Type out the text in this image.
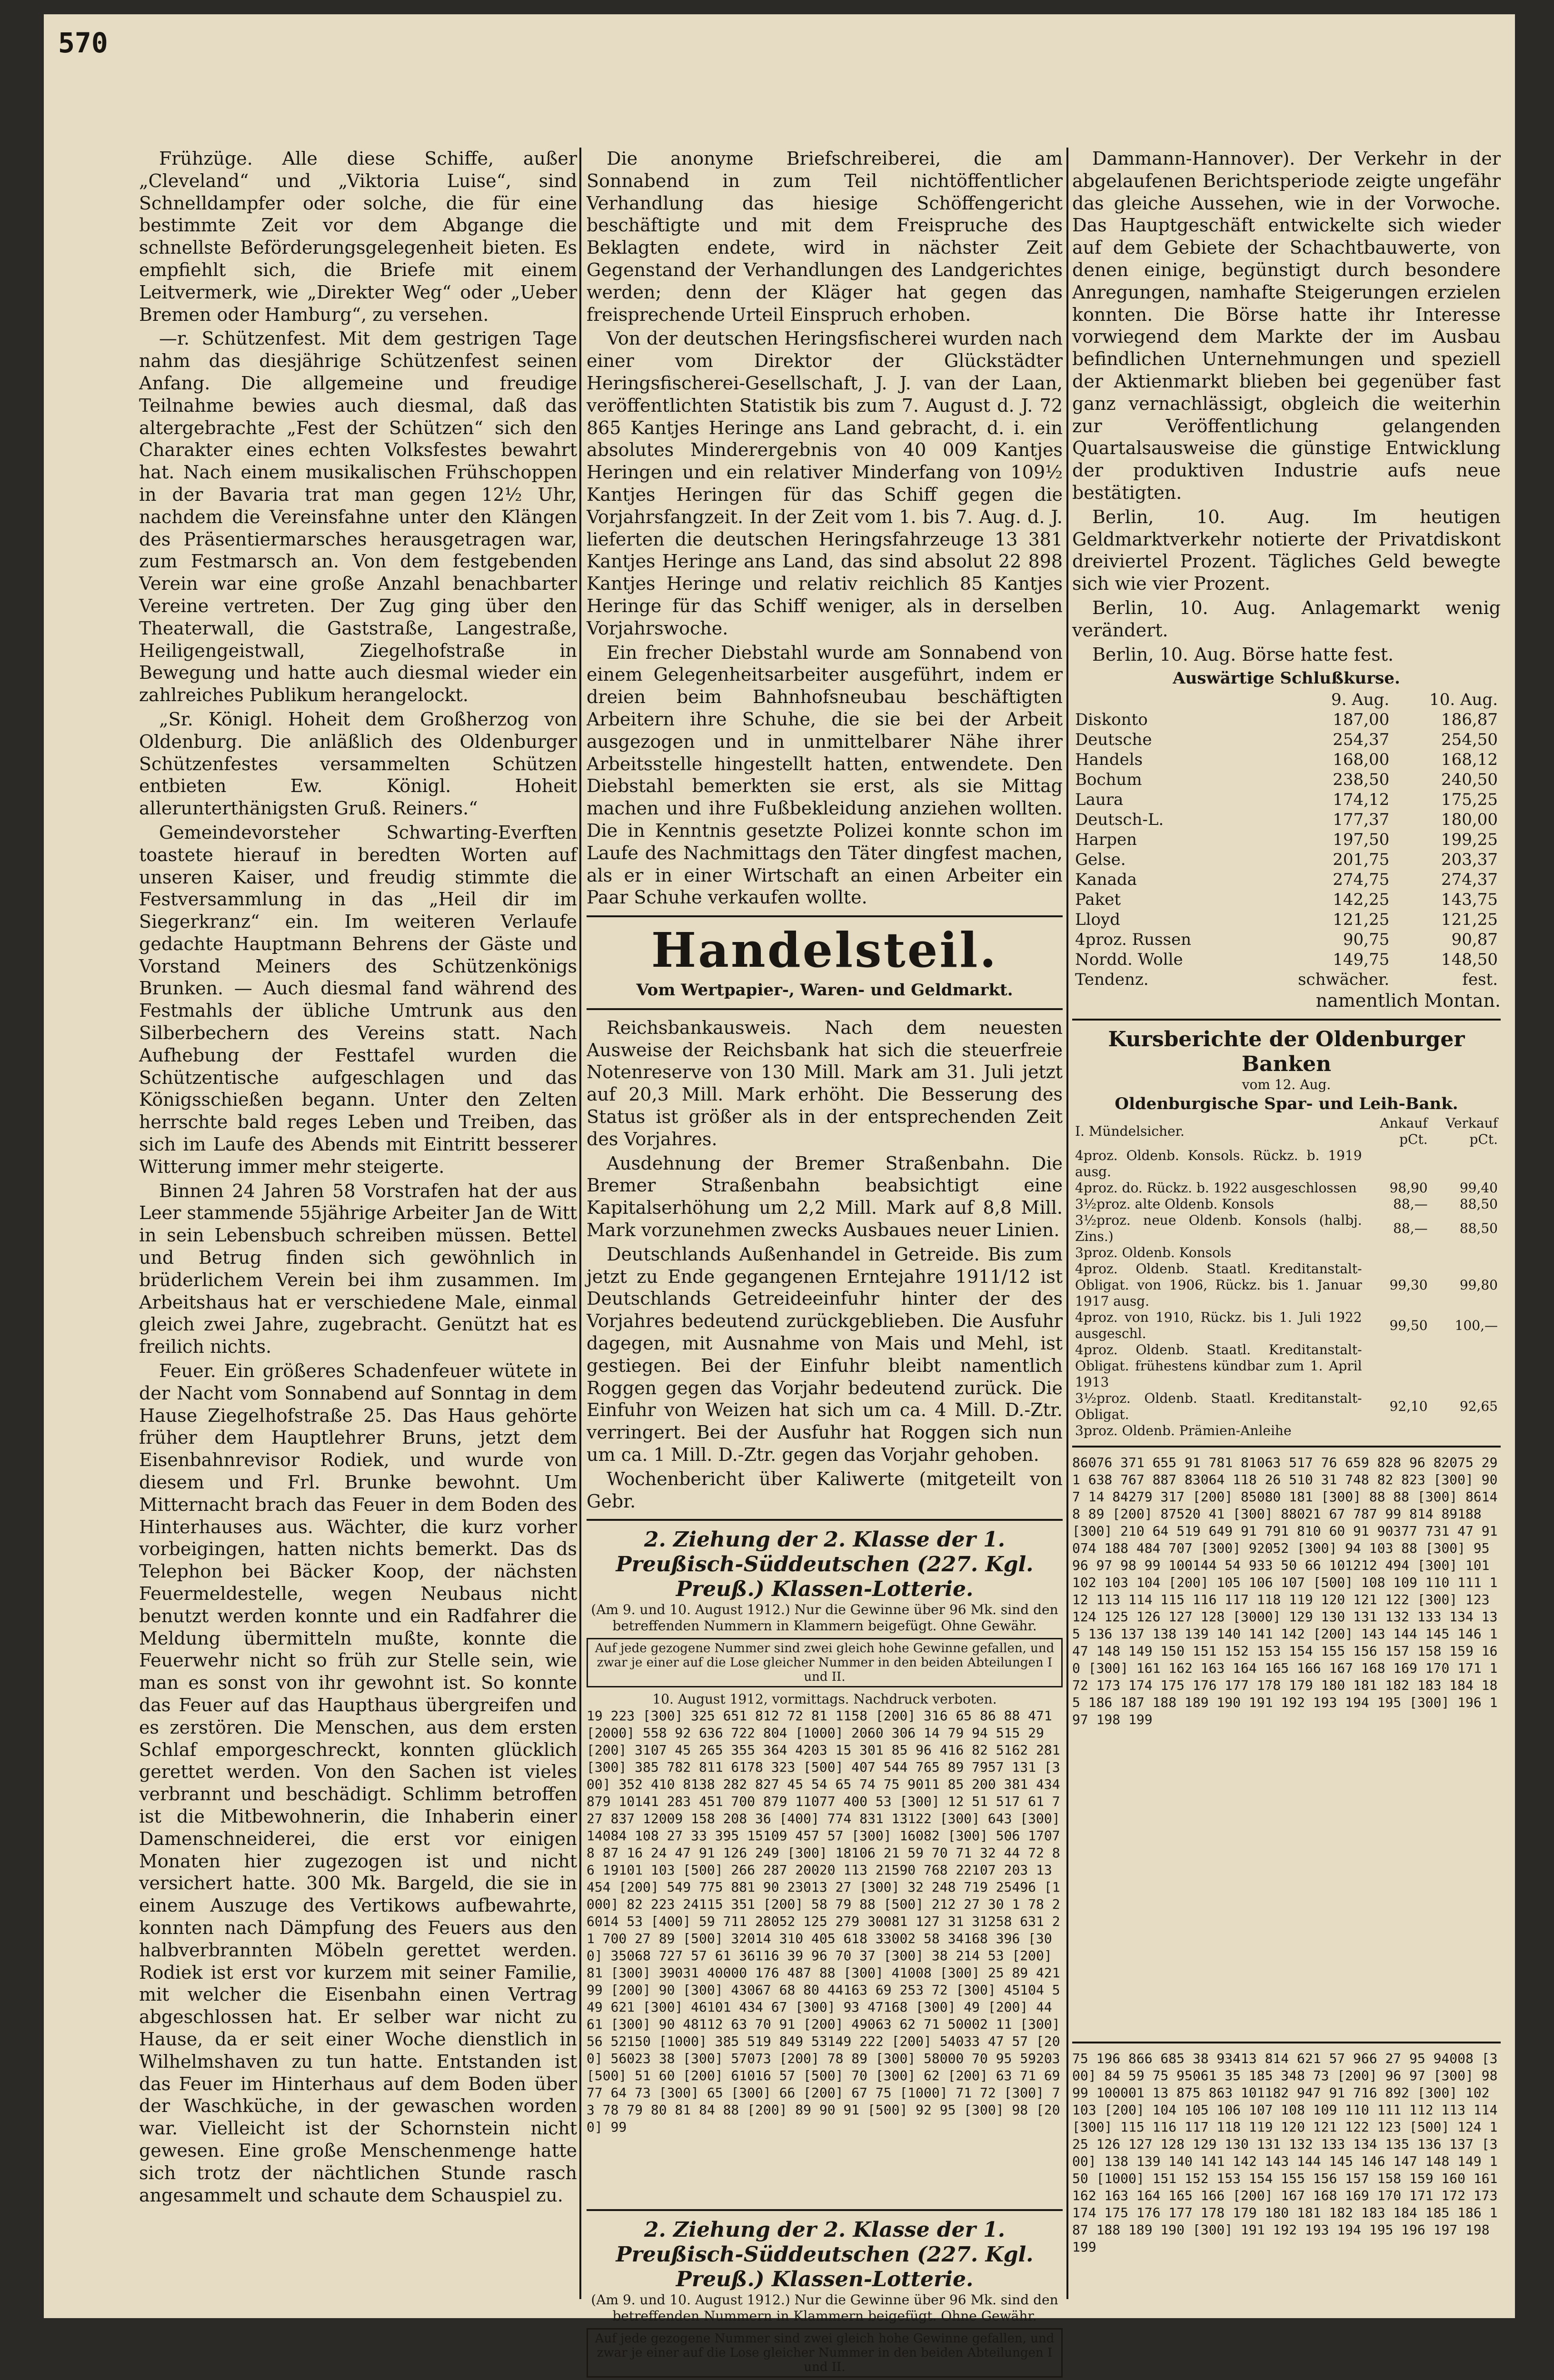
570

Frühzüge. Alle diese Schiffe, außer „Cleveland“ und „Viktoria Luise“, sind Schnelldampfer oder solche, die für eine bestimmte Zeit vor dem Abgange die schnellste Beförderungsgelegenheit bieten. Es empfiehlt sich, die Briefe mit einem Leitvermerk, wie „Direkter Weg“ oder „Ueber Bremen oder Hamburg“, zu versehen.

—r. Schützenfest. Mit dem gestrigen Tage nahm das diesjährige Schützenfest seinen Anfang. Die allgemeine und freudige Teilnahme bewies auch diesmal, daß das altergebrachte „Fest der Schützen“ sich den Charakter eines echten Volksfestes bewahrt hat. Nach einem musikalischen Frühschoppen in der Bavaria trat man gegen 12½ Uhr, nachdem die Vereinsfahne unter den Klängen des Präsentiermarsches herausgetragen war, zum Festmarsch an. Von dem festgebenden Verein war eine große Anzahl benachbarter Vereine vertreten. Der Zug ging über den Theaterwall, die Gaststraße, Langestraße, Heiligengeistwall, Ziegelhofstraße in Bewegung und hatte auch diesmal wieder ein zahlreiches Publikum herangelockt.

„Sr. Königl. Hoheit dem Großherzog von Oldenburg. Die anläßlich des Oldenburger Schützenfestes versammelten Schützen entbieten Ew. Königl. Hoheit allerunterthänigsten Gruß. Reiners.“

Gemeindevorsteher Schwarting-Everften toastete hierauf in beredten Worten auf unseren Kaiser, und freudig stimmte die Festversammlung in das „Heil dir im Siegerkranz“ ein. Im weiteren Verlaufe gedachte Hauptmann Behrens der Gäste und Vorstand Meiners des Schützenkönigs Brunken. — Auch diesmal fand während des Festmahls der übliche Umtrunk aus den Silberbechern des Vereins statt. Nach Aufhebung der Festtafel wurden die Schützentische aufgeschlagen und das Königsschießen begann. Unter den Zelten herrschte bald reges Leben und Treiben, das sich im Laufe des Abends mit Eintritt besserer Witterung immer mehr steigerte.

Binnen 24 Jahren 58 Vorstrafen hat der aus Leer stammende 55jährige Arbeiter Jan de Witt in sein Lebensbuch schreiben müssen. Bettel und Betrug finden sich gewöhnlich in brüderlichem Verein bei ihm zusammen. Im Arbeitshaus hat er verschiedene Male, einmal gleich zwei Jahre, zugebracht. Genützt hat es freilich nichts.

Feuer. Ein größeres Schadenfeuer wütete in der Nacht vom Sonnabend auf Sonntag in dem Hause Ziegelhofstraße 25. Das Haus gehörte früher dem Hauptlehrer Bruns, jetzt dem Eisenbahnrevisor Rodiek, und wurde von diesem und Frl. Brunke bewohnt. Um Mitternacht brach das Feuer in dem Boden des Hinterhauses aus. Wächter, die kurz vorher vorbeigingen, hatten nichts bemerkt. Das ds Telephon bei Bäcker Koop, der nächsten Feuermeldestelle, wegen Neubaus nicht benutzt werden konnte und ein Radfahrer die Meldung übermitteln mußte, konnte die Feuerwehr nicht so früh zur Stelle sein, wie man es sonst von ihr gewohnt ist. So konnte das Feuer auf das Haupthaus übergreifen und es zerstören. Die Menschen, aus dem ersten Schlaf emporgeschreckt, konnten glücklich gerettet werden. Von den Sachen ist vieles verbrannt und beschädigt. Schlimm betroffen ist die Mitbewohnerin, die Inhaberin einer Damenschneiderei, die erst vor einigen Monaten hier zugezogen ist und nicht versichert hatte. 300 Mk. Bargeld, die sie in einem Auszuge des Vertikows aufbewahrte, konnten nach Dämpfung des Feuers aus den halbverbrannten Möbeln gerettet werden. Rodiek ist erst vor kurzem mit seiner Familie, mit welcher die Eisenbahn einen Vertrag abgeschlossen hat. Er selber war nicht zu Hause, da er seit einer Woche dienstlich in Wilhelmshaven zu tun hatte. Entstanden ist das Feuer im Hinterhaus auf dem Boden über der Waschküche, in der gewaschen worden war. Vielleicht ist der Schornstein nicht gewesen. Eine große Menschenmenge hatte sich trotz der nächtlichen Stunde rasch angesammelt und schaute dem Schauspiel zu.

Die anonyme Briefschreiberei, die am Sonnabend in zum Teil nichtöffentlicher Verhandlung das hiesige Schöffengericht beschäftigte und mit dem Freispruche des Beklagten endete, wird in nächster Zeit Gegenstand der Verhandlungen des Landgerichtes werden; denn der Kläger hat gegen das freisprechende Urteil Einspruch erhoben.

Von der deutschen Heringsfischerei wurden nach einer vom Direktor der Glückstädter Heringsfischerei-Gesellschaft, J. J. van der Laan, veröffentlichten Statistik bis zum 7. August d. J. 72 865 Kantjes Heringe ans Land gebracht, d. i. ein absolutes Minderergebnis von 40 009 Kantjes Heringen und ein relativer Minderfang von 109½ Kantjes Heringen für das Schiff gegen die Vorjahrsfangzeit. In der Zeit vom 1. bis 7. Aug. d. J. lieferten die deutschen Heringsfahrzeuge 13 381 Kantjes Heringe ans Land, das sind absolut 22 898 Kantjes Heringe und relativ reichlich 85 Kantjes Heringe für das Schiff weniger, als in derselben Vorjahrswoche.

Ein frecher Diebstahl wurde am Sonnabend von einem Gelegenheitsarbeiter ausgeführt, indem er dreien beim Bahnhofsneubau beschäftigten Arbeitern ihre Schuhe, die sie bei der Arbeit ausgezogen und in unmittelbarer Nähe ihrer Arbeitsstelle hingestellt hatten, entwendete. Den Diebstahl bemerkten sie erst, als sie Mittag machen und ihre Fußbekleidung anziehen wollten. Die in Kenntnis gesetzte Polizei konnte schon im Laufe des Nachmittags den Täter dingfest machen, als er in einer Wirtschaft an einen Arbeiter ein Paar Schuhe verkaufen wollte.

Handelsteil.
Vom Wertpapier-, Waren- und Geldmarkt.

Reichsbankausweis. Nach dem neuesten Ausweise der Reichsbank hat sich die steuerfreie Notenreserve von 130 Mill. Mark am 31. Juli jetzt auf 20,3 Mill. Mark erhöht. Die Besserung des Status ist größer als in der entsprechenden Zeit des Vorjahres.

Ausdehnung der Bremer Straßenbahn. Die Bremer Straßenbahn beabsichtigt eine Kapitalserhöhung um 2,2 Mill. Mark auf 8,8 Mill. Mark vorzunehmen zwecks Ausbaues neuer Linien.

Deutschlands Außenhandel in Getreide. Bis zum jetzt zu Ende gegangenen Erntejahre 1911/12 ist Deutschlands Getreideeinfuhr hinter der des Vorjahres bedeutend zurückgeblieben. Die Ausfuhr dagegen, mit Ausnahme von Mais und Mehl, ist gestiegen. Bei der Einfuhr bleibt namentlich Roggen gegen das Vorjahr bedeutend zurück. Die Einfuhr von Weizen hat sich um ca. 4 Mill. D.-Ztr. verringert. Bei der Ausfuhr hat Roggen sich nun um ca. 1 Mill. D.-Ztr. gegen das Vorjahr gehoben.

Wochenbericht über Kaliwerte (mitgeteilt von Gebr.

2. Ziehung der 2. Klasse der 1. Preußisch-Süddeutschen (227. Kgl. Preuß.) Klassen-Lotterie.
(Am 9. und 10. August 1912.) Nur die Gewinne über 96 Mk. sind den betreffenden Nummern in Klammern beigefügt. Ohne Gewähr.
Auf jede gezogene Nummer sind zwei gleich hohe Gewinne gefallen, und zwar je einer auf die Lose gleicher Nummer in den beiden Abteilungen I und II.
10. August 1912, vormittags. Nachdruck verboten.
19 223 [300] 325 651 812 72 81 1158 [200] 316 65 86 88 471 [2000] 558 92 636 722 804 [1000] 2060 306 14 79 94 515 29 [200] 3107 45 265 355 364 4203 15 301 85 96 416 82 5162 281 [300] 385 782 811 6178 323 [500] 407 544 765 89 7957 131 [300] 352 410 8138 282 827 45 54 65 74 75 9011 85 200 381 434 879 10141 283 451 700 879 11077 400 53 [300] 12 51 517 61 727 837 12009 158 208 36 [400] 774 831 13122 [300] 643 [300] 14084 108 27 33 395 15109 457 57 [300] 16082 [300] 506 17078 87 16 24 47 91 126 249 [300] 18106 21 59 70 71 32 44 72 86 19101 103 [500] 266 287 20020 113 21590 768 22107 203 13 454 [200] 549 775 881 90 23013 27 [300] 32 248 719 25496 [1000] 82 223 24115 351 [200] 58 79 88 [500] 212 27 30 1 78 26014 53 [400] 59 711 28052 125 279 30081 127 31 31258 631 21 700 27 89 [500] 32014 310 405 618 33002 58 34168 396 [300] 35068 727 57 61 36116 39 96 70 37 [300] 38 214 53 [200] 81 [300] 39031 40000 176 487 88 [300] 41008 [300] 25 89 42199 [200] 90 [300] 43067 68 80 44163 69 253 72 [300] 45104 549 621 [300] 46101 434 67 [300] 93 47168 [300] 49 [200] 44 61 [300] 90 48112 63 70 91 [200] 49063 62 71 50002 11 [300] 56 52150 [1000] 385 519 849 53149 222 [200] 54033 47 57 [200] 56023 38 [300] 57073 [200] 78 89 [300] 58000 70 95 59203 [500] 51 60 [200] 61016 57 [500] 70 [300] 62 [200] 63 71 69 77 64 73 [300] 65 [300] 66 [200] 67 75 [1000] 71 72 [300] 73 78 79 80 81 84 88 [200] 89 90 91 [500] 92 95 [300] 98 [200] 99
2. Ziehung der 2. Klasse der 1. Preußisch-Süddeutschen (227. Kgl. Preuß.) Klassen-Lotterie.
(Am 9. und 10. August 1912.) Nur die Gewinne über 96 Mk. sind den betreffenden Nummern in Klammern beigefügt. Ohne Gewähr.
Auf jede gezogene Nummer sind zwei gleich hohe Gewinne gefallen, und zwar je einer auf die Lose gleicher Nummer in den beiden Abteilungen I und II.

Dammann-Hannover). Der Verkehr in der abgelaufenen Berichtsperiode zeigte ungefähr das gleiche Aussehen, wie in der Vorwoche. Das Hauptgeschäft entwickelte sich wieder auf dem Gebiete der Schachtbauwerte, von denen einige, begünstigt durch besondere Anregungen, namhafte Steigerungen erzielen konnten. Die Börse hatte ihr Interesse vorwiegend dem Markte der im Ausbau befindlichen Unternehmungen und speziell der Aktienmarkt blieben bei gegenüber fast ganz vernachlässigt, obgleich die weiterhin zur Veröffentlichung gelangenden Quartalsausweise die günstige Entwicklung der produktiven Industrie aufs neue bestätigten.

Berlin, 10. Aug. Im heutigen Geldmarktverkehr notierte der Privatdiskont dreiviertel Prozent. Tägliches Geld bewegte sich wie vier Prozent.

Berlin, 10. Aug. Anlagemarkt wenig verändert.

Berlin, 10. Aug. Börse hatte fest.

Auswärtige Schlußkurse.
	9. Aug.	10. Aug.
Diskonto	187,00	186,87
Deutsche	254,37	254,50
Handels	168,00	168,12
Bochum	238,50	240,50
Laura	174,12	175,25
Deutsch-L.	177,37	180,00
Harpen	197,50	199,25
Gelse.	201,75	203,37
Kanada	274,75	274,37
Paket	142,25	143,75
Lloyd	121,25	121,25
4proz. Russen	90,75	90,87
Nordd. Wolle	149,75	148,50
Tendenz.	schwächer.	fest.
namentlich Montan.
Kursberichte der Oldenburger Banken
vom 12. Aug.
Oldenburgische Spar- und Leih-Bank.
I. Mündelsicher.	Ankauf pCt.	Verkauf pCt.
4proz. Oldenb. Konsols. Rückz. b. 1919 ausg.		
4proz. do. Rückz. b. 1922 ausgeschlossen	98,90	99,40
3½proz. alte Oldenb. Konsols	88,—	88,50
3½proz. neue Oldenb. Konsols (halbj. Zins.)	88,—	88,50
3proz. Oldenb. Konsols		
4proz. Oldenb. Staatl. Kreditanstalt-Obligat. von 1906, Rückz. bis 1. Januar 1917 ausg.	99,30	99,80
4proz. von 1910, Rückz. bis 1. Juli 1922 ausgeschl.	99,50	100,—
4proz. Oldenb. Staatl. Kreditanstalt-Obligat. frühestens kündbar zum 1. April 1913		
3½proz. Oldenb. Staatl. Kreditanstalt-Obligat.	92,10	92,65
3proz. Oldenb. Prämien-Anleihe		
86076 371 655 91 781 81063 517 76 659 828 96 82075 291 638 767 887 83064 118 26 510 31 748 82 823 [300] 907 14 84279 317 [200] 85080 181 [300] 88 88 [300] 86148 89 [200] 87520 41 [300] 88021 67 787 99 814 89188 [300] 210 64 519 649 91 791 810 60 91 90377 731 47 91074 188 484 707 [300] 92052 [300] 94 103 88 [300] 95 96 97 98 99 100144 54 933 50 66 101212 494 [300] 101 102 103 104 [200] 105 106 107 [500] 108 109 110 111 112 113 114 115 116 117 118 119 120 121 122 [300] 123 124 125 126 127 128 [3000] 129 130 131 132 133 134 135 136 137 138 139 140 141 142 [200] 143 144 145 146 147 148 149 150 151 152 153 154 155 156 157 158 159 160 [300] 161 162 163 164 165 166 167 168 169 170 171 172 173 174 175 176 177 178 179 180 181 182 183 184 185 186 187 188 189 190 191 192 193 194 195 [300] 196 197 198 199
75 196 866 685 38 93413 814 621 57 966 27 95 94008 [300] 84 59 75 95061 35 185 348 73 [200] 96 97 [300] 98 99 100001 13 875 863 101182 947 91 716 892 [300] 102 103 [200] 104 105 106 107 108 109 110 111 112 113 114 [300] 115 116 117 118 119 120 121 122 123 [500] 124 125 126 127 128 129 130 131 132 133 134 135 136 137 [300] 138 139 140 141 142 143 144 145 146 147 148 149 150 [1000] 151 152 153 154 155 156 157 158 159 160 161 162 163 164 165 166 [200] 167 168 169 170 171 172 173 174 175 176 177 178 179 180 181 182 183 184 185 186 187 188 189 190 [300] 191 192 193 194 195 196 197 198 199
